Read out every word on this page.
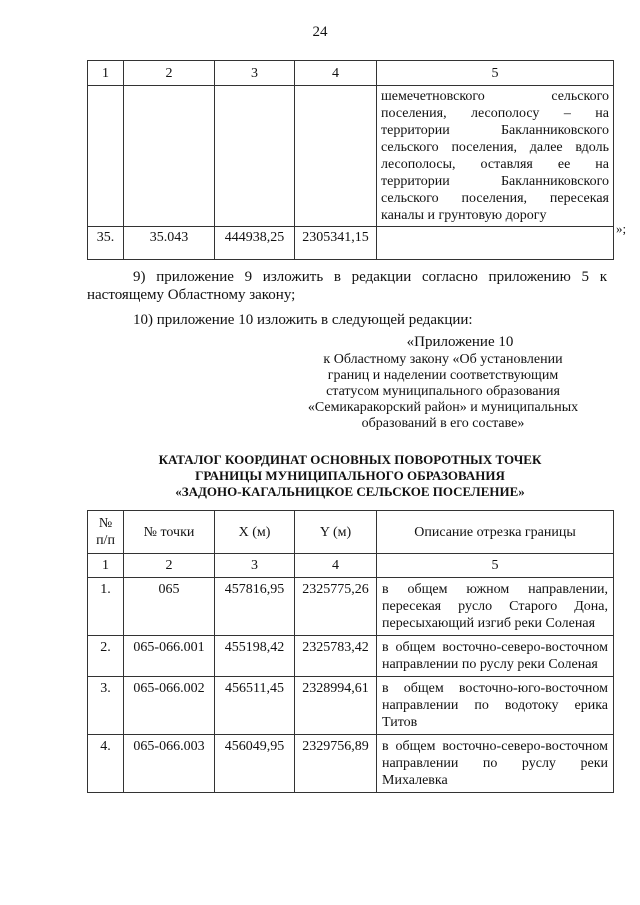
24
1	2	3	4	5
				шемечетновского сельского поселения, лесополосу – на территории Бакланниковского сельского поселения, далее вдоль лесополосы, оставляя ее на территории Бакланниковского сельского поселения, пересекая каналы и грунтовую дорогу
35.	35.043	444938,25	2305341,15	
»;
9) приложение 9 изложить в редакции согласно приложению 5 к настоящему Областному закону;
10) приложение 10 изложить в следующей редакции:
«Приложение 10
к Областному закону «Об установлении
границ и наделении соответствующим
статусом муниципального образования
«Семикаракорский район» и муниципальных
образований в его составе»
КАТАЛОГ КООРДИНАТ ОСНОВНЫХ ПОВОРОТНЫХ ТОЧЕК
ГРАНИЦЫ МУНИЦИПАЛЬНОГО ОБРАЗОВАНИЯ
«ЗАДОНО-КАГАЛЬНИЦКОЕ СЕЛЬСКОЕ ПОСЕЛЕНИЕ»
№ п/п	№ точки	X (м)	Y (м)	Описание отрезка границы
1	2	3	4	5
1.	065	457816,95	2325775,26	в общем южном направлении, пересекая русло Старого Дона, пересыхающий изгиб реки Соленая
2.	065-066.001	455198,42	2325783,42	в общем восточно-северо-восточном направлении по руслу реки Соленая
3.	065-066.002	456511,45	2328994,61	в общем восточно-юго-восточном направлении по водотоку ерика Титов
4.	065-066.003	456049,95	2329756,89	в общем восточно-северо-восточном направлении по руслу реки Михалевка
